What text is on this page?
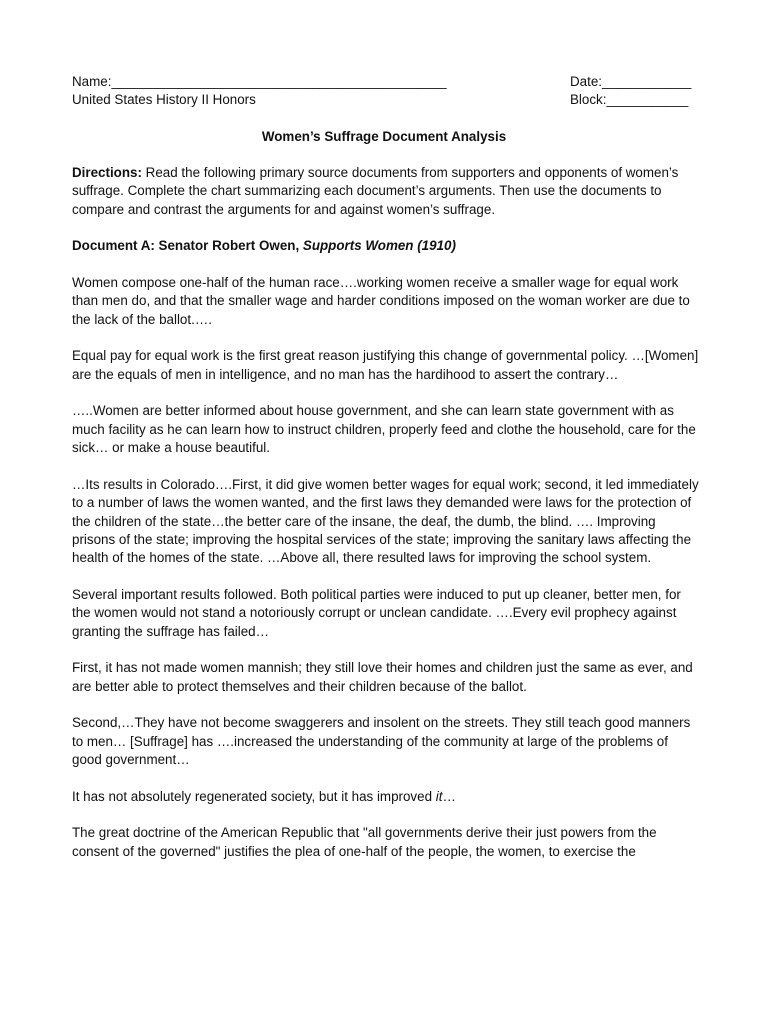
Name:_____________________________________________	Date:____________
United States History II Honors	Block:___________
Women’s Suffrage Document Analysis

Directions: Read the following primary source documents from supporters and opponents of women’s suffrage. Complete the chart summarizing each document’s arguments. Then use the documents to compare and contrast the arguments for and against women’s suffrage.

Document A: Senator Robert Owen, Supports Women (1910)

Women compose one-half of the human race….working women receive a smaller wage for equal work than men do, and that the smaller wage and harder conditions imposed on the woman worker are due to the lack of the ballot.….

Equal pay for equal work is the first great reason justifying this change of governmental policy. …[Women] are the equals of men in intelligence, and no man has the hardihood to assert the contrary…

…..Women are better informed about house government, and she can learn state government with as much facility as he can learn how to instruct children, properly feed and clothe the household, care for the sick… or make a house beautiful.

…Its results in Colorado….First, it did give women better wages for equal work; second, it led immediately to a number of laws the women wanted, and the first laws they demanded were laws for the protection of the children of the state…the better care of the insane, the deaf, the dumb, the blind. …. Improving prisons of the state; improving the hospital services of the state; improving the sanitary laws affecting the health of the homes of the state. …Above all, there resulted laws for improving the school system.

Several important results followed. Both political parties were induced to put up cleaner, better men, for the women would not stand a notoriously corrupt or unclean candidate. ….Every evil prophecy against granting the suffrage has failed…

First, it has not made women mannish; they still love their homes and children just the same as ever, and are better able to protect themselves and their children because of the ballot.

Second,…They have not become swaggerers and insolent on the streets. They still teach good manners to men… [Suffrage] has ….increased the understanding of the community at large of the problems of good government…

It has not absolutely regenerated society, but it has improved it…

The great doctrine of the American Republic that "all governments derive their just powers from the consent of the governed" justifies the plea of one-half of the people, the women, to exercise the
